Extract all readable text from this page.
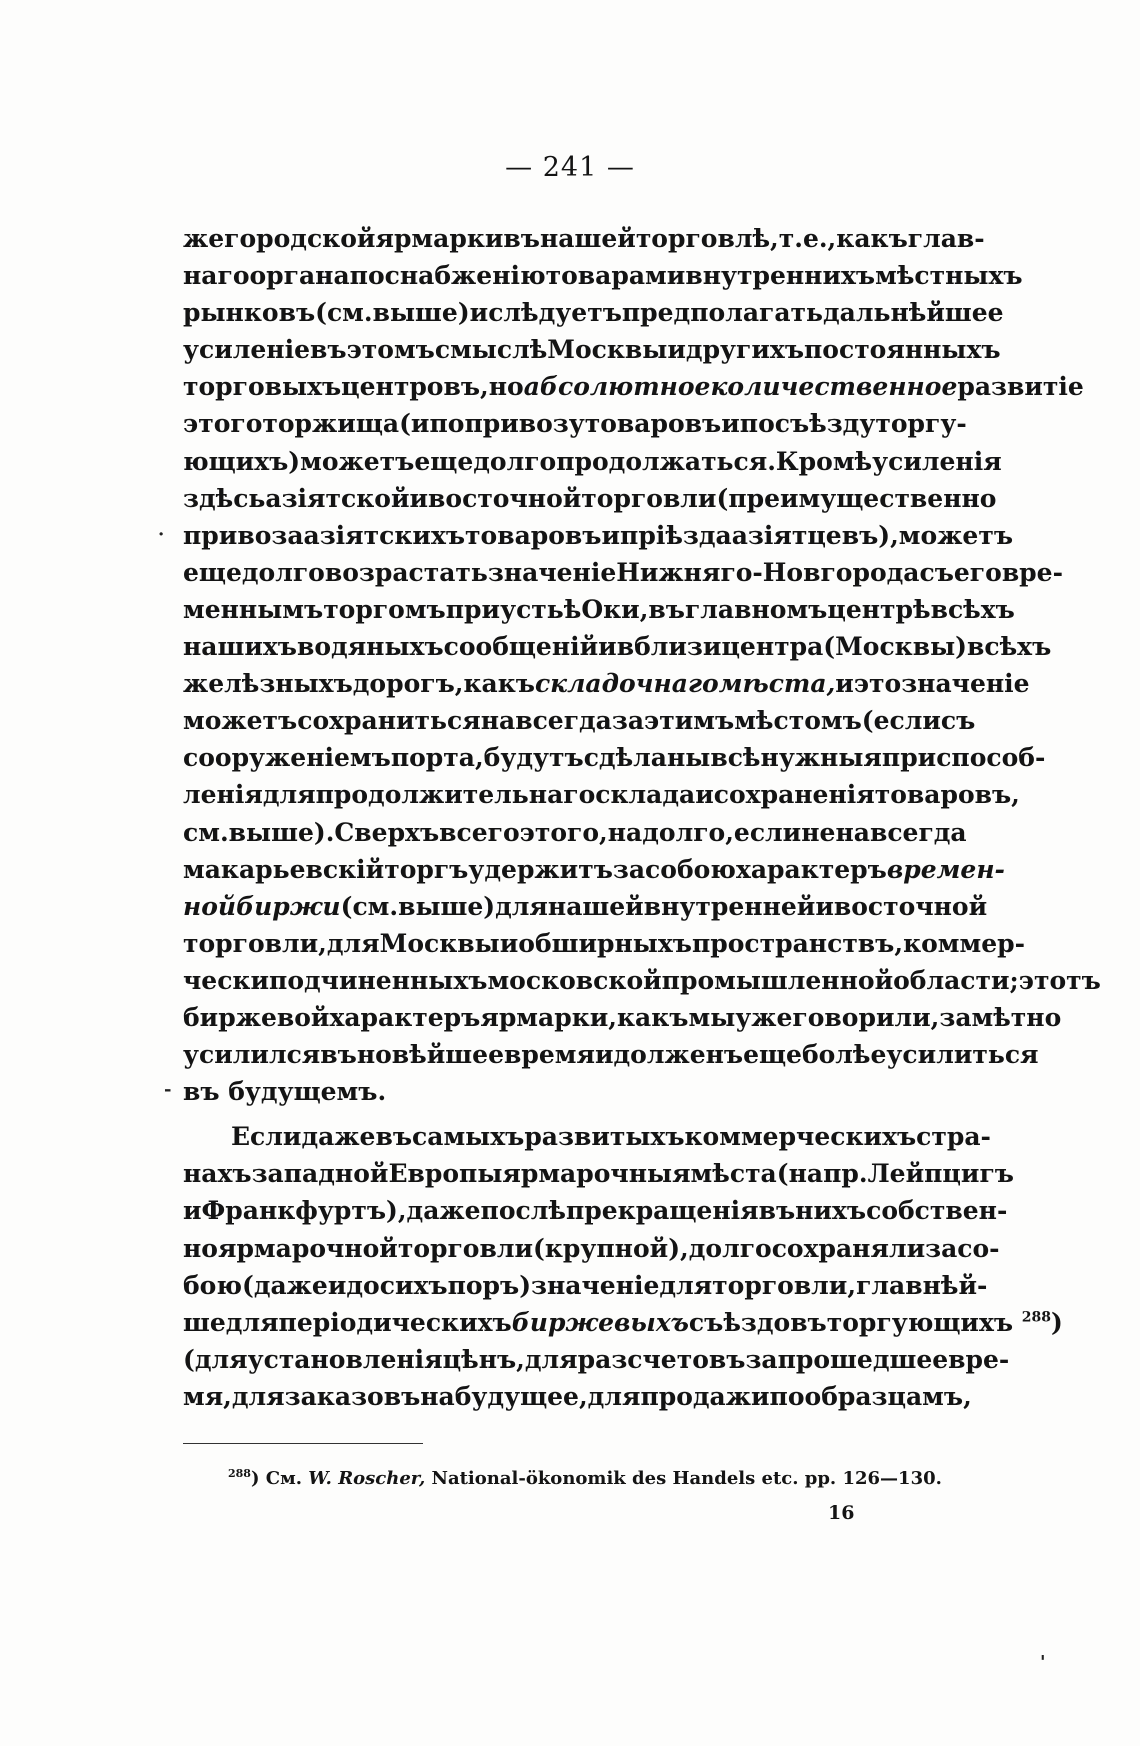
— 241 —
жегородской ярмарки въ нашей торговлѣ, т. е., какъ глав-
наго органа по снабженію товарами внутреннихъ мѣстныхъ
рынковъ (см. выше) и слѣдуетъ предполагать дальнѣйшее
усиленіе въ этомъ смыслѣ Москвы и другихъ постоянныхъ
торговыхъ центровъ, но абсолютное количественное развитіе
этого торжища (и по привозу товаровъ и по съѣзду торгу-
ющихъ) можетъ еще долго продолжаться. Кромѣ усиленія
здѣсь азіятской и восточной торговли (преимущественно
привоза азіятскихъ товаровъ и пріѣзда азіятцевъ), можетъ
еще долго возрастать значеніе Нижняго-Новгорода съ его вре-
меннымъ торгомъ при устьѣ Оки, въ главномъ центрѣ всѣхъ
нашихъ водяныхъ сообщеній и вблизи центра (Москвы) всѣхъ
желѣзныхъ дорогъ, какъ складочнаго мѣста, и это значеніе
можетъ сохраниться навсегда за этимъ мѣстомъ (если съ
сооруженіемъ порта, будутъ сдѣланы всѣ нужныя приспособ-
ленія для продолжительнаго склада и сохраненія товаровъ,
см. выше). Сверхъ всего этого, надолго, если не навсегда
макарьевскій торгъ удержитъ за собою характеръ времен-
ной биржи (см. выше) для нашей внутренней и восточной
торговли, для Москвы и обширныхъ пространствъ, коммер-
чески подчиненныхъ московской промышленной области; этотъ
биржевой характеръ ярмарки, какъ мы уже говорили, замѣтно
усилился въ новѣйшее время и долженъ еще болѣе усилиться
въ будущемъ.
Если даже въ самыхъ развитыхъ коммерческихъ стра-
нахъ западной Европы ярмарочныя мѣста (напр. Лейпцигъ
и Франкфуртъ), даже послѣ прекращенія въ нихъ собствен-
но ярмарочной торговли (крупной), долго сохраняли за со-
бою (даже и до сихъ поръ) значеніе для торговли, главнѣй-
ше для періодическихъ биржевыхъ съѣздовъ торгующихъ $^{288}$)
(для установленія цѣнъ, для разсчетовъ за прошедшее вре-
мя, для заказовъ на будущее, для продажи по образцамъ,
$^{288}$) См. W. Roscher, National-ökonomik des Handels etc. pp. 126—130.
16
·
-
'
